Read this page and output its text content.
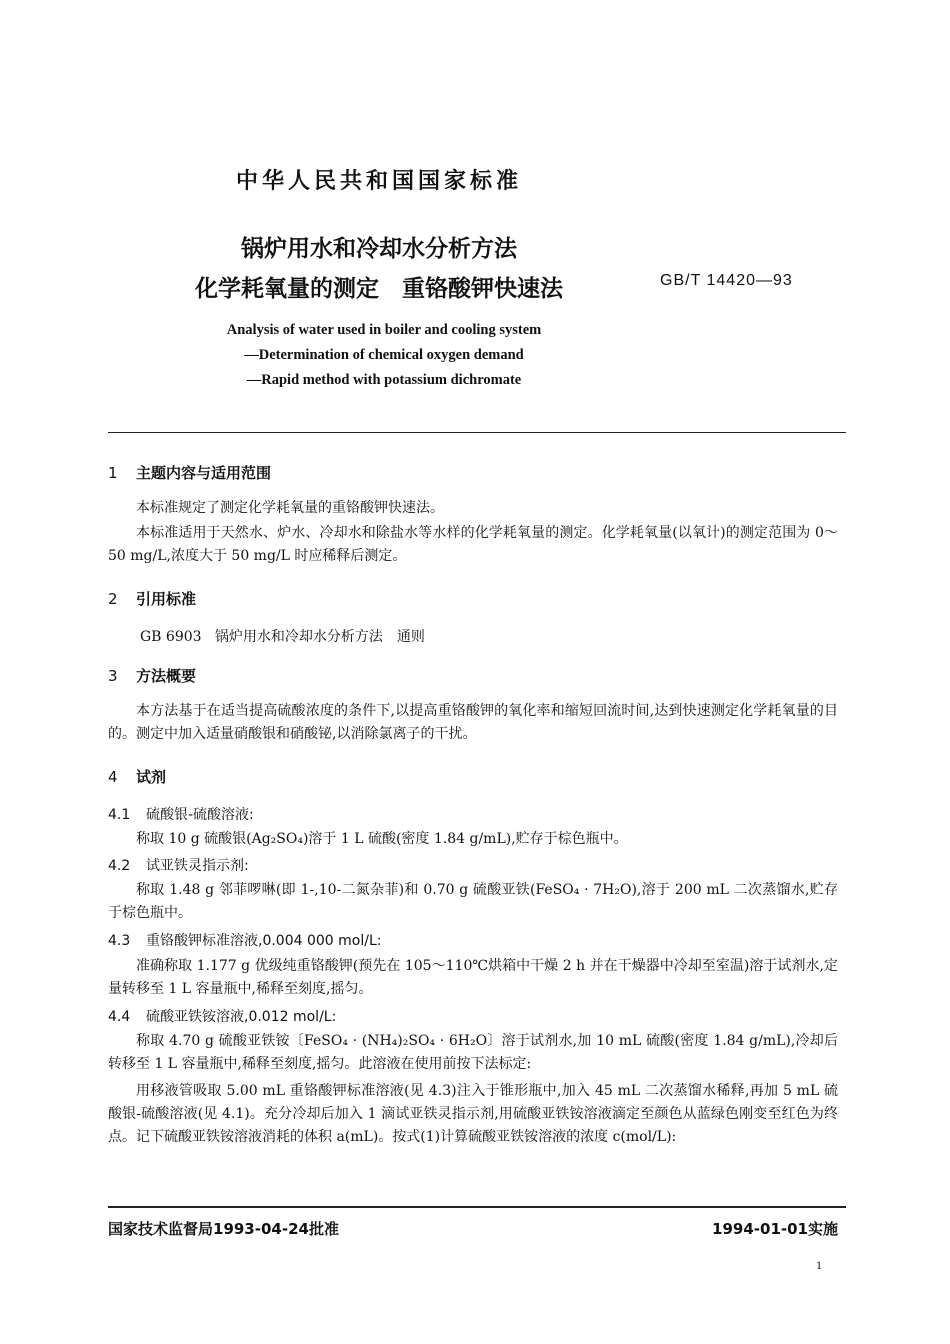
中华人民共和国国家标准
锅炉用水和冷却水分析方法
化学耗氧量的测定　重铬酸钾快速法	GB/T 14420—93
Analysis of water used in boiler and cooling system
—Determination of chemical oxygen demand
—Rapid method with potassium dichromate
1 主题内容与适用范围
本标准规定了测定化学耗氧量的重铬酸钾快速法。
本标准适用于天然水、炉水、冷却水和除盐水等水样的化学耗氧量的测定。化学耗氧量(以氧计)的测定范围为 0～50 mg/L,浓度大于 50 mg/L 时应稀释后测定。
2 引用标准
GB 6903 锅炉用水和冷却水分析方法　通则
3 方法概要
本方法基于在适当提高硫酸浓度的条件下,以提高重铬酸钾的氧化率和缩短回流时间,达到快速测定化学耗氧量的目的。测定中加入适量硝酸银和硝酸铋,以消除氯离子的干扰。
4 试剂
4.1 硫酸银-硫酸溶液:
称取 10 g 硫酸银(Ag₂SO₄)溶于 1 L 硫酸(密度 1.84 g/mL),贮存于棕色瓶中。
4.2 试亚铁灵指示剂:
称取 1.48 g 邻菲啰啉(即 1-,10-二氮杂菲)和 0.70 g 硫酸亚铁(FeSO₄ · 7H₂O),溶于 200 mL 二次蒸馏水,贮存于棕色瓶中。
4.3 重铬酸钾标准溶液,0.004 000 mol/L:
准确称取 1.177 g 优级纯重铬酸钾(预先在 105～110℃烘箱中干燥 2 h 并在干燥器中冷却至室温)溶于试剂水,定量转移至 1 L 容量瓶中,稀释至刻度,摇匀。
4.4 硫酸亚铁铵溶液,0.012 mol/L:
称取 4.70 g 硫酸亚铁铵〔FeSO₄ · (NH₄)₂SO₄ · 6H₂O〕溶于试剂水,加 10 mL 硫酸(密度 1.84 g/mL),冷却后转移至 1 L 容量瓶中,稀释至刻度,摇匀。此溶液在使用前按下法标定:
用移液管吸取 5.00 mL 重铬酸钾标准溶液(见 4.3)注入于锥形瓶中,加入 45 mL 二次蒸馏水稀释,再加 5 mL 硫酸银-硫酸溶液(见 4.1)。充分冷却后加入 1 滴试亚铁灵指示剂,用硫酸亚铁铵溶液滴定至颜色从蓝绿色刚变至红色为终点。记下硫酸亚铁铵溶液消耗的体积 a(mL)。按式(1)计算硫酸亚铁铵溶液的浓度 c(mol/L):
国家技术监督局1993-04-24批准	1994-01-01实施
1
